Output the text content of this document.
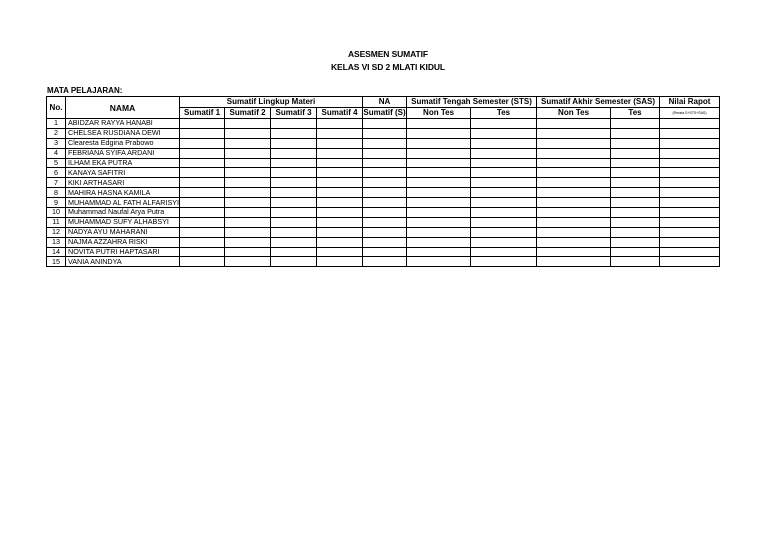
ASESMEN SUMATIF
KELAS VI SD 2 MLATI KIDUL
MATA PELAJARAN:
No.	NAMA	Sumatif Lingkup Materi				NA	Sumatif Tengah Semester (STS)		Sumatif Akhir Semester (SAS)		Nilai Rapot
		Sumatif 1	Sumatif 2	Sumatif 3	Sumatif 4	Sumatif (S)	Non Tes	Tes	Non Tes	Tes	(Rerata S+STS+SAS)
1	ABIDZAR RAYYA HANABI										
2	CHELSEA RUSDIANA DEWI										
3	Clearesta Edgina Prabowo										
4	FEBRIANA SYIFA ARDANI										
5	ILHAM EKA PUTRA										
6	KANAYA SAFITRI										
7	KIKI ARTHASARI										
8	MAHIRA HASNA KAMILA										
9	MUHAMMAD AL FATH ALFARISYI										
10	Muhammad Naufal Arya Putra										
11	MUHAMMAD SUFY ALHABSYI										
12	NADYA AYU MAHARANI										
13	NAJMA AZZAHRA RISKI										
14	NOVITA PUTRI HAPTASARI										
15	VANIA ANINDYA										
